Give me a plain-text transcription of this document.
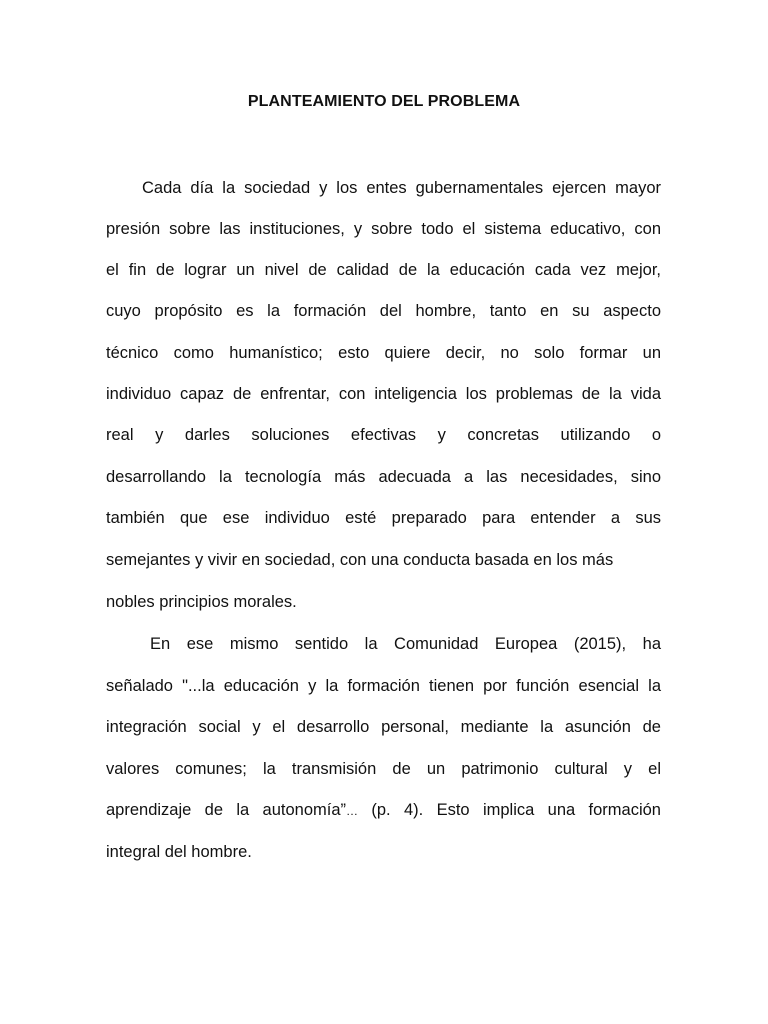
PLANTEAMIENTO DEL PROBLEMA
Cada día la sociedad y los entes gubernamentales ejercen mayor
presión sobre las instituciones, y sobre todo el sistema educativo, con
el fin de lograr un nivel de calidad de la educación cada vez mejor,
cuyo propósito es la formación del hombre, tanto en su aspecto
técnico como humanístico; esto quiere decir, no solo formar un
individuo capaz de enfrentar, con inteligencia los problemas de la vida
real y darles soluciones efectivas y concretas utilizando o
desarrollando la tecnología más adecuada a las necesidades, sino
también que ese individuo esté preparado para entender a sus
semejantes y vivir en sociedad, con una conducta basada en los más
nobles principios morales.
En ese mismo sentido la Comunidad Europea (2015), ha
señalado "...la educación y la formación tienen por función esencial la
integración social y el desarrollo personal, mediante la asunción de
valores comunes; la transmisión de un patrimonio cultural y el
aprendizaje de la autonomía”… (p. 4). Esto implica una formación
integral del hombre.
